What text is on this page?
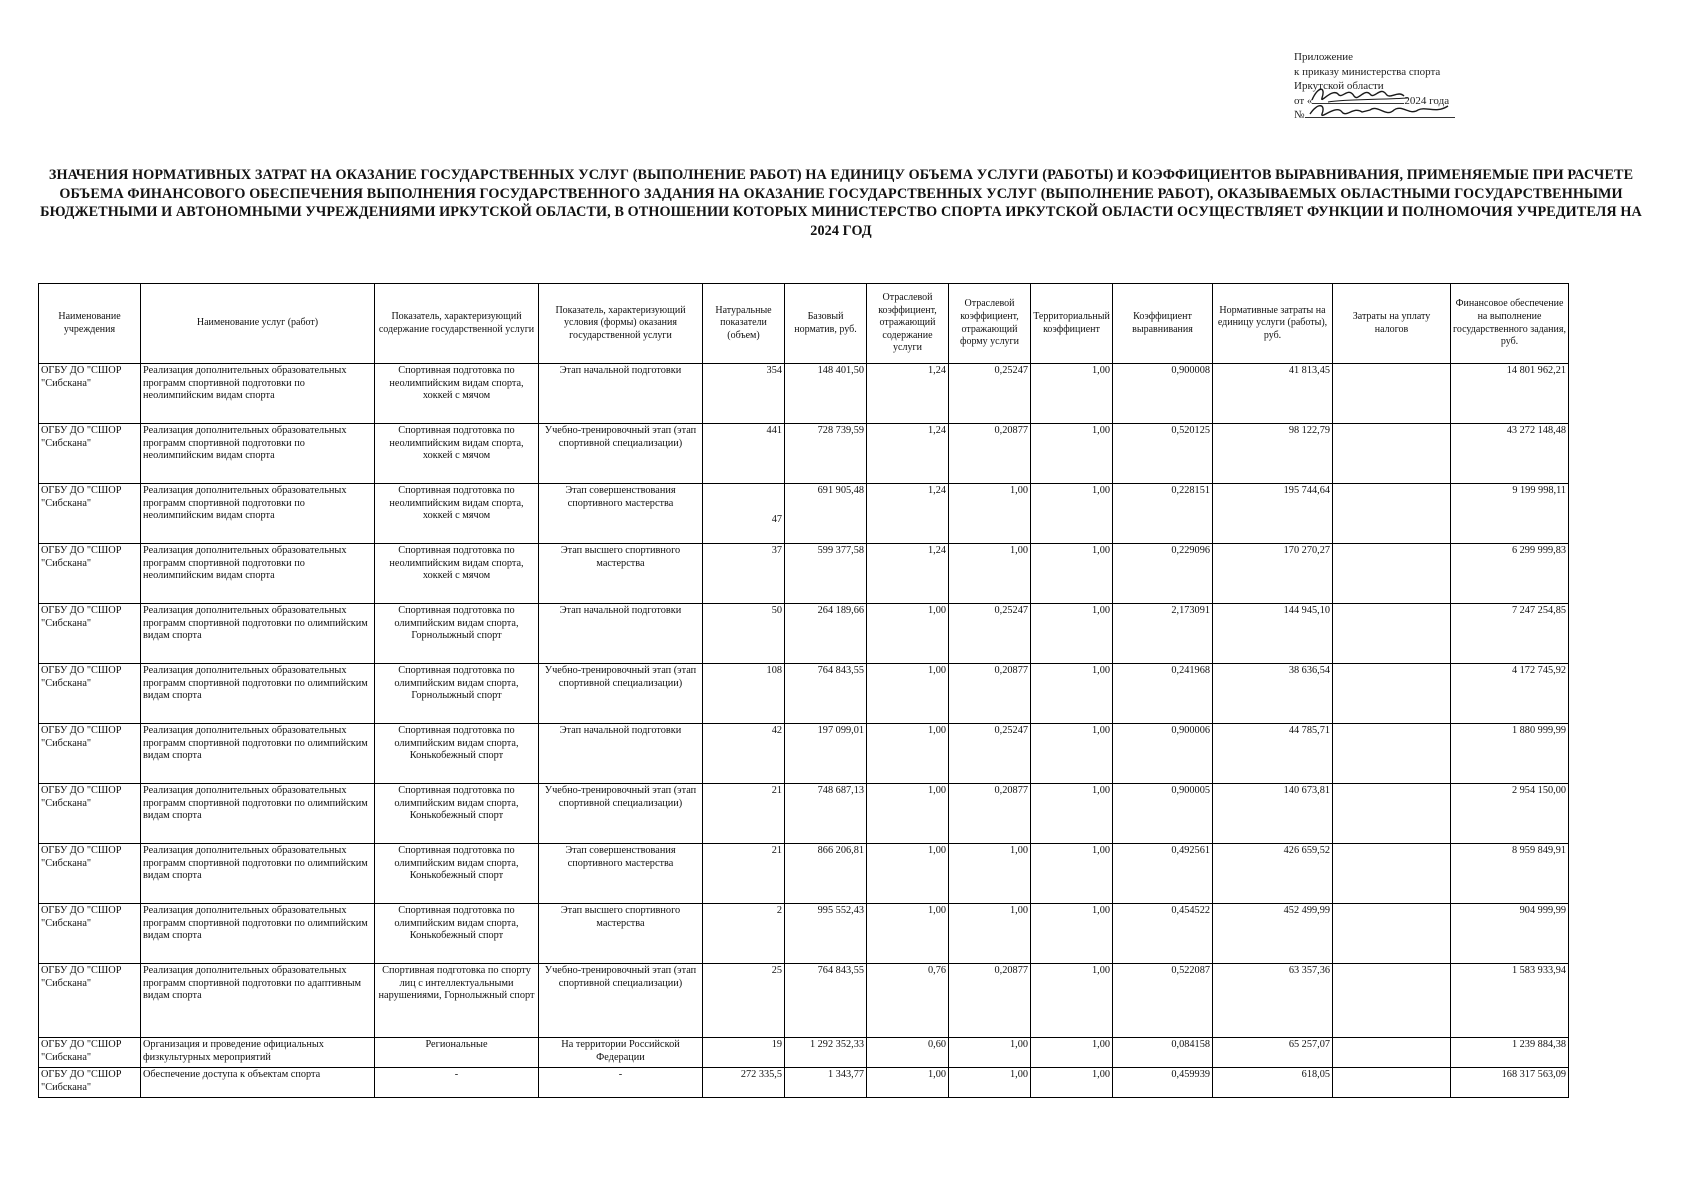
Приложение
к приказу министерства спорта
Иркутской области
от «	2024 года
№
ЗНАЧЕНИЯ НОРМАТИВНЫХ ЗАТРАТ НА ОКАЗАНИЕ ГОСУДАРСТВЕННЫХ УСЛУГ (ВЫПОЛНЕНИЕ РАБОТ) НА ЕДИНИЦУ ОБЪЕМА УСЛУГИ (РАБОТЫ) И КОЭФФИЦИЕНТОВ ВЫРАВНИВАНИЯ, ПРИМЕНЯЕМЫЕ ПРИ РАСЧЕТЕ ОБЪЕМА ФИНАНСОВОГО ОБЕСПЕЧЕНИЯ ВЫПОЛНЕНИЯ ГОСУДАРСТВЕННОГО ЗАДАНИЯ НА ОКАЗАНИЕ ГОСУДАРСТВЕННЫХ УСЛУГ (ВЫПОЛНЕНИЕ РАБОТ), ОКАЗЫВАЕМЫХ ОБЛАСТНЫМИ ГОСУДАРСТВЕННЫМИ БЮДЖЕТНЫМИ И АВТОНОМНЫМИ УЧРЕЖДЕНИЯМИ ИРКУТСКОЙ ОБЛАСТИ, В ОТНОШЕНИИ КОТОРЫХ МИНИСТЕРСТВО СПОРТА ИРКУТСКОЙ ОБЛАСТИ ОСУЩЕСТВЛЯЕТ ФУНКЦИИ И ПОЛНОМОЧИЯ УЧРЕДИТЕЛЯ НА 2024 ГОД
Наименование учреждения	Наименование услуг (работ)	Показатель, характеризующий содержание государственной услуги	Показатель, характеризующий условия (формы) оказания государственной услуги	Натуральные показатели (объем)	Базовый норматив, руб.	Отраслевой коэффициент, отражающий содержание услуги	Отраслевой коэффициент, отражающий форму услуги	Территориальный коэффициент	Коэффициент выравнивания	Нормативные затраты на единицу услуги (работы), руб.	Затраты на уплату налогов	Финансовое обеспечение на выполнение государственного задания, руб.
ОГБУ ДО "СШОР "Сибскана"	Реализация дополнительных образовательных программ спортивной подготовки по неолимпийским видам спорта	Спортивная подготовка по неолимпийским видам спорта, хоккей с мячом	Этап начальной подготовки	354	148 401,50	1,24	0,25247	1,00	0,900008	41 813,45		14 801 962,21
ОГБУ ДО "СШОР "Сибскана"	Реализация дополнительных образовательных программ спортивной подготовки по неолимпийским видам спорта	Спортивная подготовка по неолимпийским видам спорта, хоккей с мячом	Учебно-тренировочный этап (этап спортивной специализации)	441	728 739,59	1,24	0,20877	1,00	0,520125	98 122,79		43 272 148,48
ОГБУ ДО "СШОР "Сибскана"	Реализация дополнительных образовательных программ спортивной подготовки по неолимпийским видам спорта	Спортивная подготовка по неолимпийским видам спорта, хоккей с мячом	Этап совершенствования спортивного мастерства	47	691 905,48	1,24	1,00	1,00	0,228151	195 744,64		9 199 998,11
ОГБУ ДО "СШОР "Сибскана"	Реализация дополнительных образовательных программ спортивной подготовки по неолимпийским видам спорта	Спортивная подготовка по неолимпийским видам спорта, хоккей с мячом	Этап высшего спортивного мастерства	37	599 377,58	1,24	1,00	1,00	0,229096	170 270,27		6 299 999,83
ОГБУ ДО "СШОР "Сибскана"	Реализация дополнительных образовательных программ спортивной подготовки по олимпийским видам спорта	Спортивная подготовка по олимпийским видам спорта, Горнолыжный спорт	Этап начальной подготовки	50	264 189,66	1,00	0,25247	1,00	2,173091	144 945,10		7 247 254,85
ОГБУ ДО "СШОР "Сибскана"	Реализация дополнительных образовательных программ спортивной подготовки по олимпийским видам спорта	Спортивная подготовка по олимпийским видам спорта, Горнолыжный спорт	Учебно-тренировочный этап (этап спортивной специализации)	108	764 843,55	1,00	0,20877	1,00	0,241968	38 636,54		4 172 745,92
ОГБУ ДО "СШОР "Сибскана"	Реализация дополнительных образовательных программ спортивной подготовки по олимпийским видам спорта	Спортивная подготовка по олимпийским видам спорта, Конькобежный спорт	Этап начальной подготовки	42	197 099,01	1,00	0,25247	1,00	0,900006	44 785,71		1 880 999,99
ОГБУ ДО "СШОР "Сибскана"	Реализация дополнительных образовательных программ спортивной подготовки по олимпийским видам спорта	Спортивная подготовка по олимпийским видам спорта, Конькобежный спорт	Учебно-тренировочный этап (этап спортивной специализации)	21	748 687,13	1,00	0,20877	1,00	0,900005	140 673,81		2 954 150,00
ОГБУ ДО "СШОР "Сибскана"	Реализация дополнительных образовательных программ спортивной подготовки по олимпийским видам спорта	Спортивная подготовка по олимпийским видам спорта, Конькобежный спорт	Этап совершенствования спортивного мастерства	21	866 206,81	1,00	1,00	1,00	0,492561	426 659,52		8 959 849,91
ОГБУ ДО "СШОР "Сибскана"	Реализация дополнительных образовательных программ спортивной подготовки по олимпийским видам спорта	Спортивная подготовка по олимпийским видам спорта, Конькобежный спорт	Этап высшего спортивного мастерства	2	995 552,43	1,00	1,00	1,00	0,454522	452 499,99		904 999,99
ОГБУ ДО "СШОР "Сибскана"	Реализация дополнительных образовательных программ спортивной подготовки по адаптивным видам спорта	Спортивная подготовка по спорту лиц с интеллектуальными нарушениями, Горнолыжный спорт	Учебно-тренировочный этап (этап спортивной специализации)	25	764 843,55	0,76	0,20877	1,00	0,522087	63 357,36		1 583 933,94
ОГБУ ДО "СШОР "Сибскана"	Организация и проведение официальных физкультурных мероприятий	Региональные	На территории Российской Федерации	19	1 292 352,33	0,60	1,00	1,00	0,084158	65 257,07		1 239 884,38
ОГБУ ДО "СШОР "Сибскана"	Обеспечение доступа к объектам спорта	-	-	272 335,5	1 343,77	1,00	1,00	1,00	0,459939	618,05		168 317 563,09
